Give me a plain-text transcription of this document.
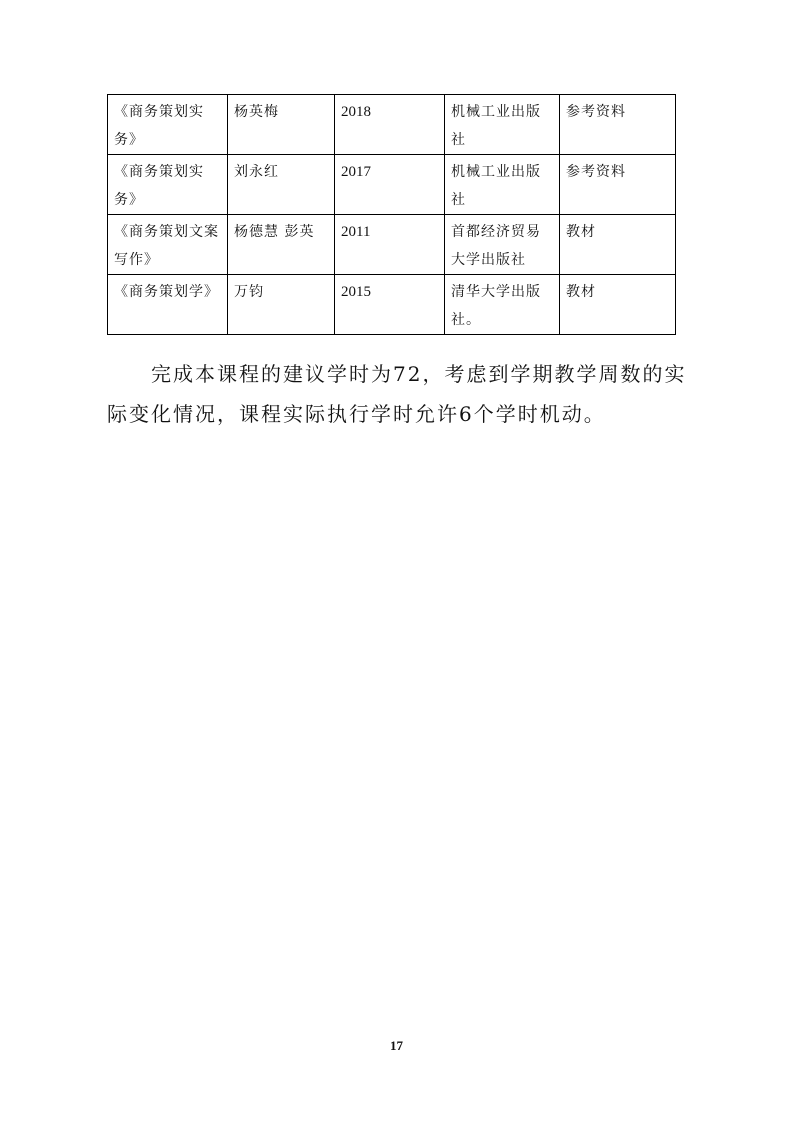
《商务策划实务》	杨英梅	2018	机械工业出版社	参考资料
《商务策划实务》	刘永红	2017	机械工业出版社	参考资料
《商务策划文案写作》	杨德慧 彭英	2011	首都经济贸易大学出版社	教材
《商务策划学》	万钧	2015	清华大学出版社。	教材

完成本课程的建议学时为72，考虑到学期教学周数的实际变化情况，课程实际执行学时允许6个学时机动。

17
